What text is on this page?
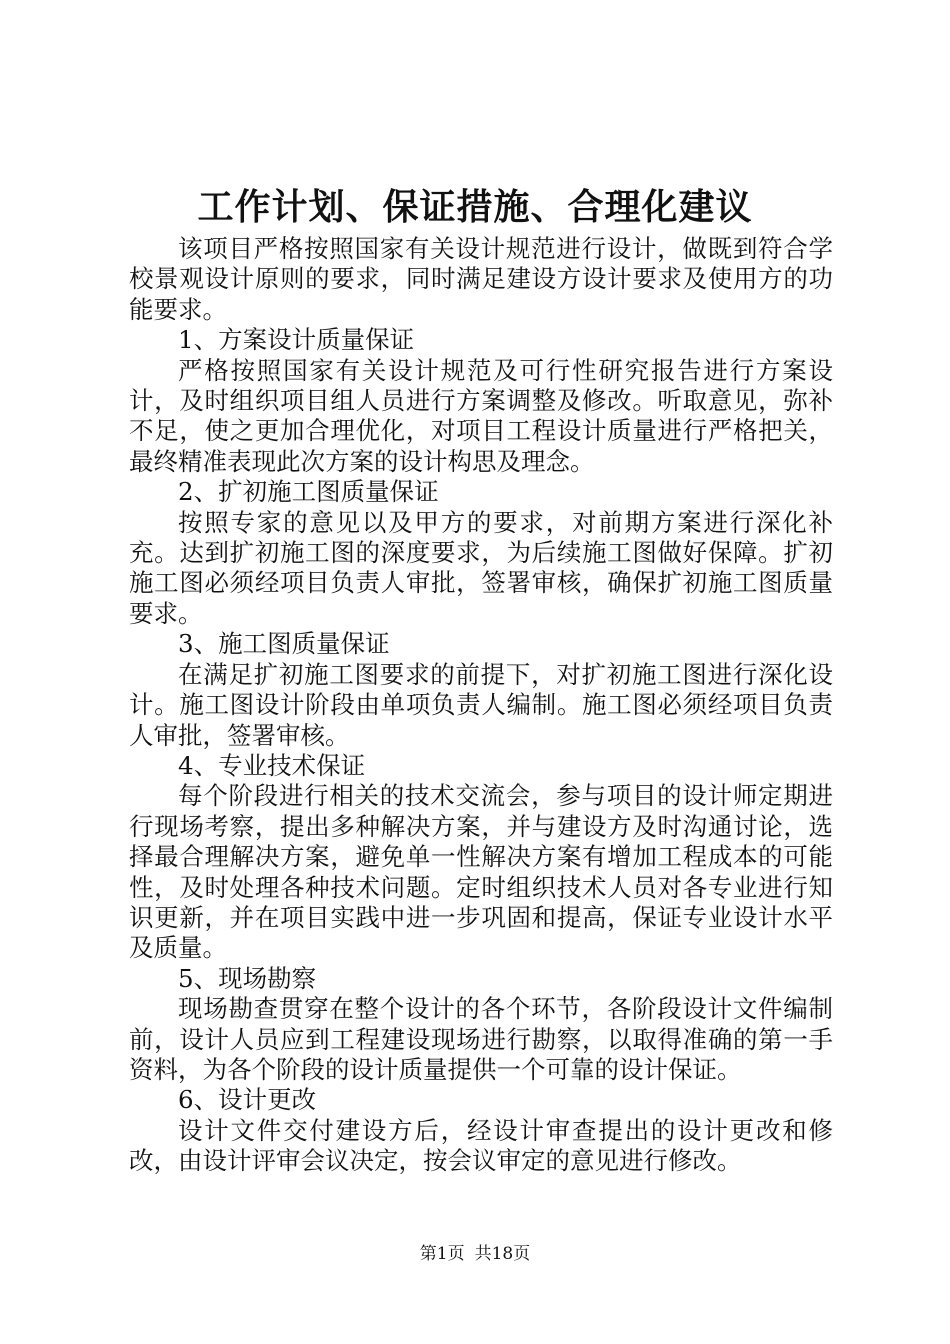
工作计划、保证措施、合理化建议

该项目严格按照国家有关设计规范进行设计，做既到符合学校景观设计原则的要求，同时满足建设方设计要求及使用方的功能要求。

1、方案设计质量保证

严格按照国家有关设计规范及可行性研究报告进行方案设计，及时组织项目组人员进行方案调整及修改。听取意见，弥补不足，使之更加合理优化，对项目工程设计质量进行严格把关，最终精准表现此次方案的设计构思及理念。

2、扩初施工图质量保证

按照专家的意见以及甲方的要求，对前期方案进行深化补充。达到扩初施工图的深度要求，为后续施工图做好保障。扩初施工图必须经项目负责人审批，签署审核，确保扩初施工图质量要求。

3、施工图质量保证

在满足扩初施工图要求的前提下，对扩初施工图进行深化设计。施工图设计阶段由单项负责人编制。施工图必须经项目负责人审批，签署审核。

4、专业技术保证

每个阶段进行相关的技术交流会，参与项目的设计师定期进行现场考察，提出多种解决方案，并与建设方及时沟通讨论，选择最合理解决方案，避免单一性解决方案有增加工程成本的可能性，及时处理各种技术问题。定时组织技术人员对各专业进行知识更新，并在项目实践中进一步巩固和提高，保证专业设计水平及质量。

5、现场勘察

现场勘查贯穿在整个设计的各个环节，各阶段设计文件编制前，设计人员应到工程建设现场进行勘察，以取得准确的第一手资料，为各个阶段的设计质量提供一个可靠的设计保证。

6、设计更改

设计文件交付建设方后，经设计审查提出的设计更改和修改，由设计评审会议决定，按会议审定的意见进行修改。

第1页 共18页
